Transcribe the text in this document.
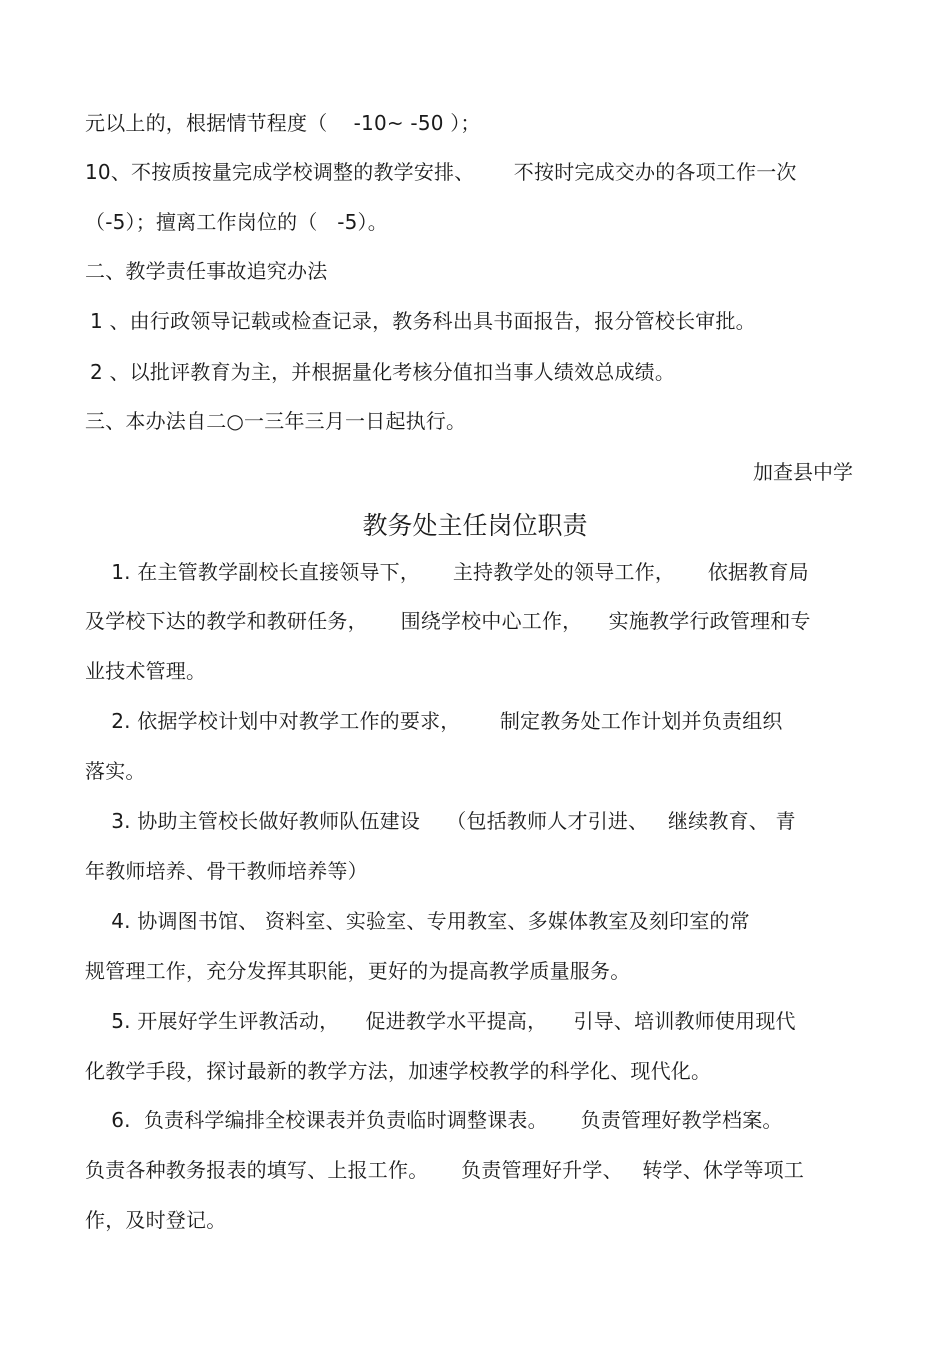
元以上的，根据情节程度（    -10~ -50 ）；

10、不按质按量完成学校调整的教学安排、      不按时完成交办的各项工作一次

（-5）；擅离工作岗位的（   -5）。

二、教学责任事故追究办法

1 、由行政领导记载或检查记录，教务科出具书面报告，报分管校长审批。

2 、以批评教育为主，并根据量化考核分值扣当事人绩效总成绩。

三、本办法自二○一三年三月一日起执行。

加查县中学

教务处主任岗位职责

1. 在主管教学副校长直接领导下，     主持教学处的领导工作，     依据教育局

及学校下达的教学和教研任务，     围绕学校中心工作，    实施教学行政管理和专

业技术管理。

2. 依据学校计划中对教学工作的要求，      制定教务处工作计划并负责组织

落实。

3. 协助主管校长做好教师队伍建设    （包括教师人才引进、   继续教育、 青

年教师培养、骨干教师培养等）

4. 协调图书馆、 资料室、实验室、专用教室、多媒体教室及刻印室的常

规管理工作，充分发挥其职能，更好的为提高教学质量服务。

5. 开展好学生评教活动，    促进教学水平提高，    引导、培训教师使用现代

化教学手段，探讨最新的教学方法，加速学校教学的科学化、现代化。

6.  负责科学编排全校课表并负责临时调整课表。     负责管理好教学档案。

负责各种教务报表的填写、上报工作。     负责管理好升学、   转学、休学等项工

作，及时登记。
